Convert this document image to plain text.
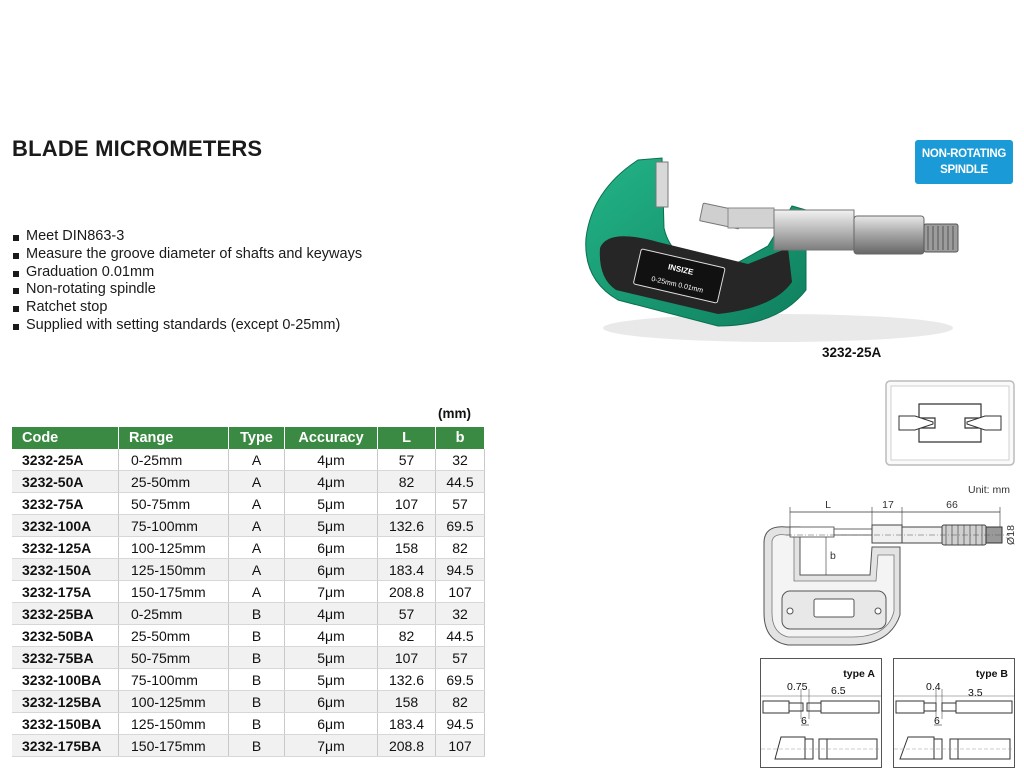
BLADE MICROMETERS
Meet DIN863-3
Measure the groove diameter of shafts and keyways
Graduation 0.01mm
Non-rotating spindle
Ratchet stop
Supplied with setting standards (except 0-25mm)
(mm)
Code	Range	Type	Accuracy	L	b
3232-25A	0-25mm	A	4μm	57	32
3232-50A	25-50mm	A	4μm	82	44.5
3232-75A	50-75mm	A	5μm	107	57
3232-100A	75-100mm	A	5μm	132.6	69.5
3232-125A	100-125mm	A	6μm	158	82
3232-150A	125-150mm	A	6μm	183.4	94.5
3232-175A	150-175mm	A	7μm	208.8	107
3232-25BA	0-25mm	B	4μm	57	32
3232-50BA	25-50mm	B	4μm	82	44.5
3232-75BA	50-75mm	B	5μm	107	57
3232-100BA	75-100mm	B	5μm	132.6	69.5
3232-125BA	100-125mm	B	6μm	158	82
3232-150BA	125-150mm	B	6μm	183.4	94.5
3232-175BA	150-175mm	B	7μm	208.8	107
INSIZE
0-25mm 0.01mm
NON-ROTATING
SPINDLE
3232-25A
Unit: mm
L	17	66
Ø18
b
type A
0.75 6.5
6
type B
0.4	3.5
6
